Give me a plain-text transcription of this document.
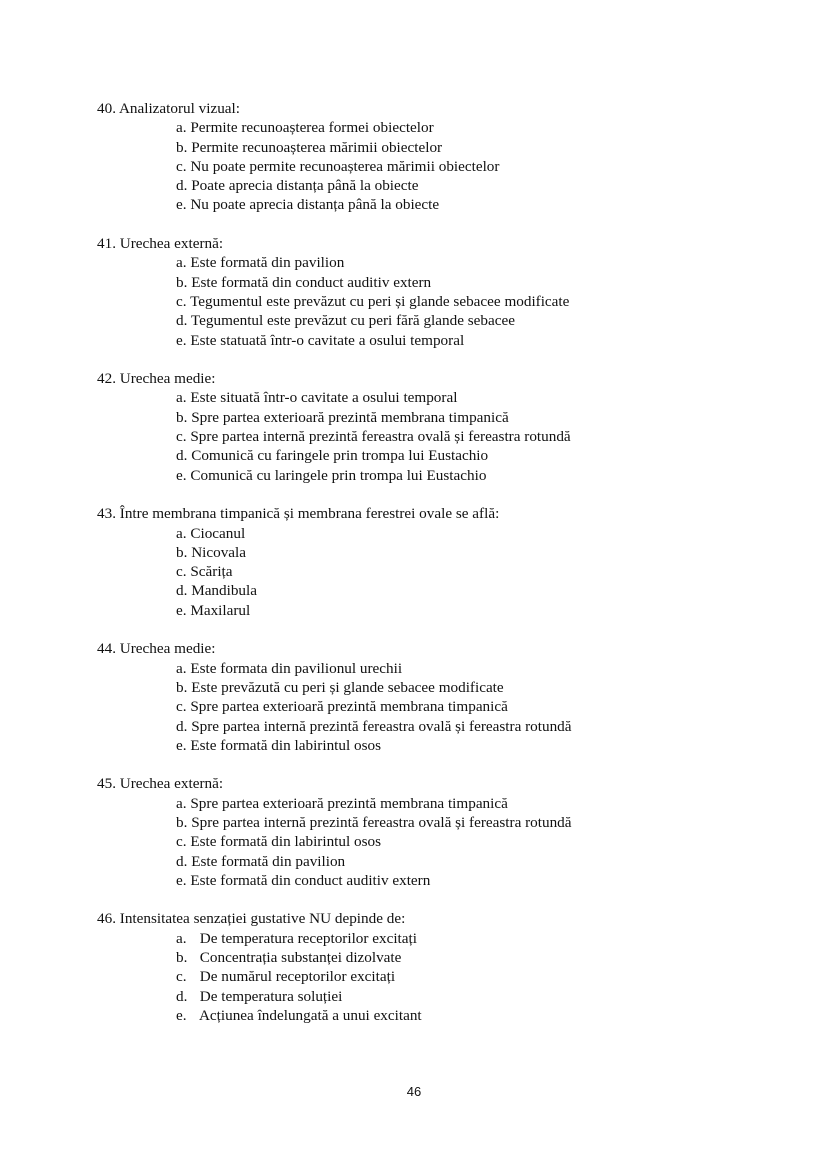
40. Analizatorul vizual:
a. Permite recunoașterea formei obiectelor
b. Permite recunoașterea mărimii obiectelor
c. Nu poate permite recunoașterea mărimii obiectelor
d. Poate aprecia distanța până la obiecte
e. Nu poate aprecia distanța până la obiecte
41. Urechea externă:
a. Este formată din pavilion
b. Este formată din conduct auditiv extern
c. Tegumentul este prevăzut cu peri și glande sebacee modificate
d. Tegumentul este prevăzut cu peri fără glande sebacee
e. Este statuată într-o cavitate a osului temporal
42. Urechea medie:
a. Este situată într-o cavitate a osului temporal
b. Spre partea exterioară prezintă membrana timpanică
c. Spre partea internă prezintă fereastra ovală și fereastra rotundă
d. Comunică cu faringele prin trompa lui Eustachio
e. Comunică cu laringele prin trompa lui Eustachio
43. Între membrana timpanică și membrana ferestrei ovale se află:
a. Ciocanul
b. Nicovala
c. Scărița
d. Mandibula
e. Maxilarul
44. Urechea medie:
a. Este formata din pavilionul urechii
b. Este prevăzută cu peri și glande sebacee modificate
c. Spre partea exterioară prezintă membrana timpanică
d. Spre partea internă prezintă fereastra ovală și fereastra rotundă
e. Este formată din labirintul osos
45. Urechea externă:
a. Spre partea exterioară prezintă membrana timpanică
b. Spre partea internă prezintă fereastra ovală și fereastra rotundă
c. Este formată din labirintul osos
d. Este formată din pavilion
e. Este formată din conduct auditiv extern
46. Intensitatea senzației gustative NU depinde de:
a. De temperatura receptorilor excitați
b. Concentrația substanței dizolvate
c. De numărul receptorilor excitați
d. De temperatura soluției
e. Acțiunea îndelungată a unui excitant
46
